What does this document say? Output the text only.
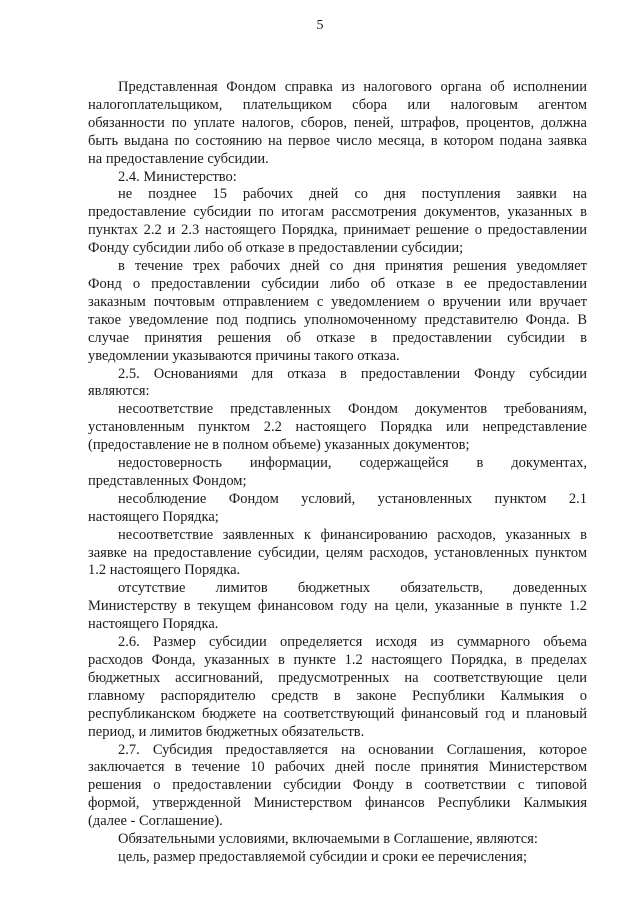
5
Представленная Фондом справка из налогового органа об исполнении
налогоплательщиком, плательщиком сбора или налоговым агентом
обязанности по уплате налогов, сборов, пеней, штрафов, процентов, должна
быть выдана по состоянию на первое число месяца, в котором подана заявка
на предоставление субсидии.
2.4. Министерство:
не позднее 15 рабочих дней со дня поступления заявки на
предоставление субсидии по итогам рассмотрения документов, указанных в
пунктах 2.2 и 2.3 настоящего Порядка, принимает решение о предоставлении
Фонду субсидии либо об отказе в предоставлении субсидии;
в течение трех рабочих дней со дня принятия решения уведомляет
Фонд о предоставлении субсидии либо об отказе в ее предоставлении
заказным почтовым отправлением с уведомлением о вручении или вручает
такое уведомление под подпись уполномоченному представителю Фонда. В
случае принятия решения об отказе в предоставлении субсидии в
уведомлении указываются причины такого отказа.
2.5. Основаниями для отказа в предоставлении Фонду субсидии
являются:
несоответствие представленных Фондом документов требованиям,
установленным пунктом 2.2 настоящего Порядка или непредставление
(предоставление не в полном объеме) указанных документов;
недостоверность информации, содержащейся в документах,
представленных Фондом;
несоблюдение Фондом условий, установленных пунктом 2.1
настоящего Порядка;
несоответствие заявленных к финансированию расходов, указанных в
заявке на предоставление субсидии, целям расходов, установленных пунктом
1.2 настоящего Порядка.
отсутствие лимитов бюджетных обязательств, доведенных
Министерству в текущем финансовом году на цели, указанные в пункте 1.2
настоящего Порядка.
2.6. Размер субсидии определяется исходя из суммарного объема
расходов Фонда, указанных в пункте 1.2 настоящего Порядка, в пределах
бюджетных ассигнований, предусмотренных на соответствующие цели
главному распорядителю средств в законе Республики Калмыкия о
республиканском бюджете на соответствующий финансовый год и плановый
период, и лимитов бюджетных обязательств.
2.7. Субсидия предоставляется на основании Соглашения, которое
заключается в течение 10 рабочих дней после принятия Министерством
решения о предоставлении субсидии Фонду в соответствии с типовой
формой, утвержденной Министерством финансов Республики Калмыкия
(далее - Соглашение).
Обязательными условиями, включаемыми в Соглашение, являются:
цель, размер предоставляемой субсидии и сроки ее перечисления;
